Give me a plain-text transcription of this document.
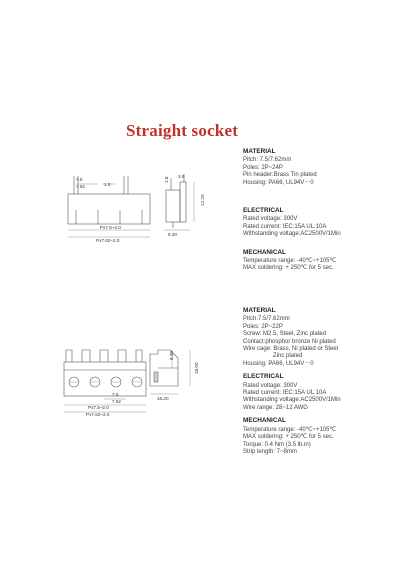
Straight socket
7.5
7.62	1.0
Px7.5~2.0
Px7.62~2.0
1.8
3.9
12.20
8.20
MATERIAL
Pitch: 7.5/7.62mm
Poles: 2P~24P
Pin header:Brass Tin plated
Housing: PA66, UL94V－0
ELECTRICAL
Rated voltage: 300V
Rated current: IEC:15A UL:10A
Withstanding voltage:AC2500V/1Min
MECHANICAL
Temperature range: -40℃~+105℃
MAX soldering: + 250℃ for 5 sec.
7.5
7.62
Px7.5~2.0
Px7.62~2.0
8.35
18.00
15.20
MATERIAL
Pitch:7.5/7.62mm
Poles: 2P~22P
Screw: M2.5, Steel, Zinc plated
Contact:phosphor bronze Ni plated
Wire cage: Brass, Ni plated or Steel
Zinc plated
Housing: PA66, UL94V－0
ELECTRICAL
Rated voltage: 300V
Rated current: IEC:15A UL:10A
Withstanding voltage:AC2500V/1Min
Wire range: 28~12 AWG
MECHANICAL
Temperature range: -40℃~+105℃
MAX soldering: + 250℃ for 5 sec.
Torque: 0.4 Nm (3.5 lb.in)
Strip length: 7~8mm
